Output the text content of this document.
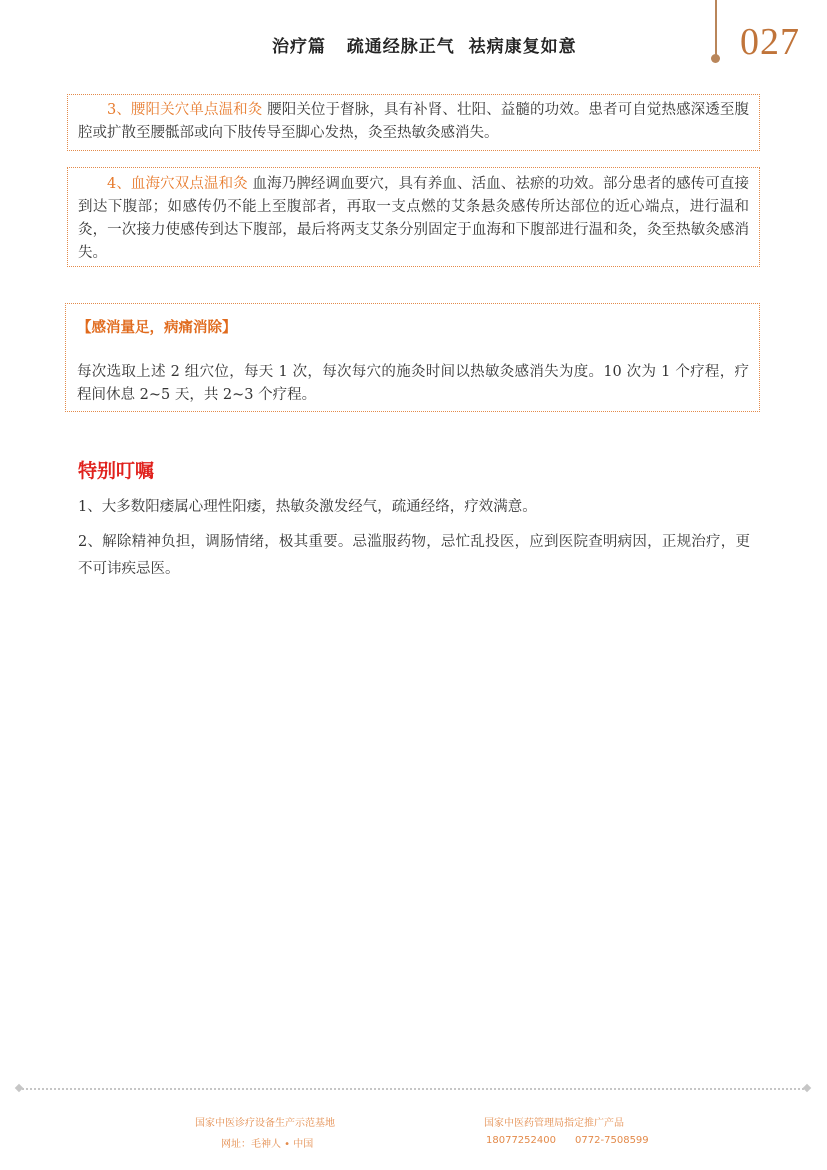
治疗篇   疏通经脉正气  祛病康复如意	027

3、腰阳关穴单点温和灸 腰阳关位于督脉，具有补肾、壮阳、益髓的功效。患者可自觉热感深透至腹腔或扩散至腰骶部或向下肢传导至脚心发热，灸至热敏灸感消失。

4、血海穴双点温和灸 血海乃脾经调血要穴，具有养血、活血、祛瘀的功效。部分患者的感传可直接到达下腹部；如感传仍不能上至腹部者，再取一支点燃的艾条悬灸感传所达部位的近心端点，进行温和灸，一次接力使感传到达下腹部，最后将两支艾条分别固定于血海和下腹部进行温和灸，灸至热敏灸感消失。

【感消量足，病痛消除】

每次选取上述 2 组穴位，每天 1 次，每次每穴的施灸时间以热敏灸感消失为度。10 次为 1 个疗程，疗程间休息 2~5 天，共 2~3 个疗程。

特别叮嘱

1、大多数阳痿属心理性阳痿，热敏灸激发经气，疏通经络，疗效满意。

2、解除精神负担，调肠情绪，极其重要。忌滥服药物，忌忙乱投医，应到医院查明病因，正规治疗，更不可讳疾忌医。

国家中医诊疗设备生产示范基地
网址：毛神人 • 中国
国家中医药管理局指定推广产品
18077252400      0772-7508599
